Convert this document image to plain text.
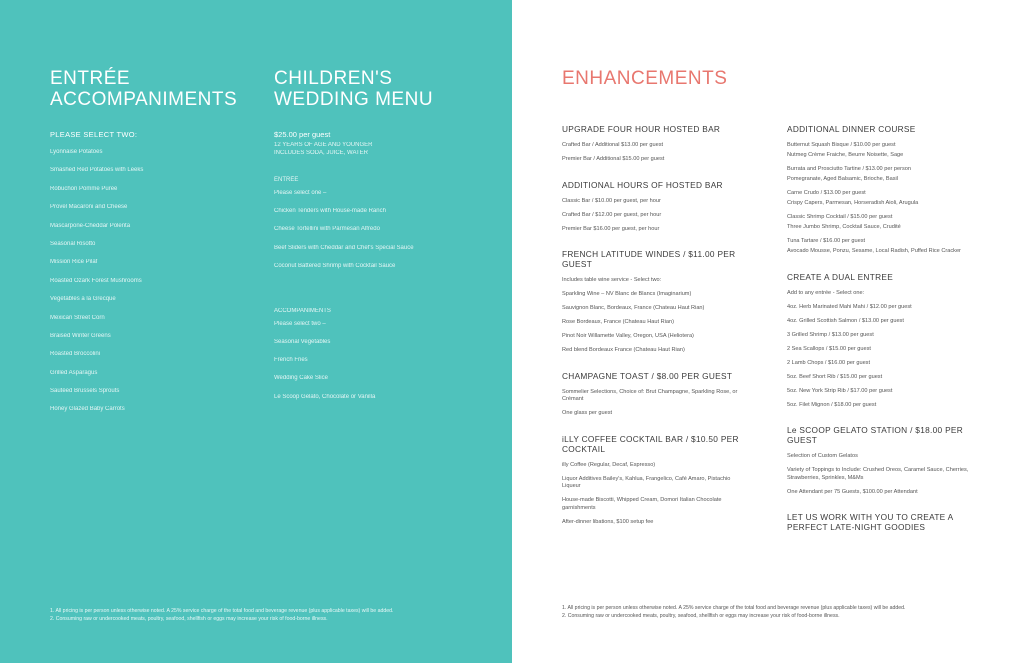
ENTRÉE
ACCOMPANIMENTS

PLEASE SELECT TWO:

Lyonnaise Potatoes

Smashed Red Potatoes with Leeks

Robuchon Pomme Puree

Provel Macaroni and Cheese

Mascarpone-Cheddar Polenta

Seasonal Risotto

Mission Rice Pilaf

Roasted Ozark Forest Mushrooms

Vegetables a la Grecque

Mexican Street Corn

Braised Winter Greens

Roasted Broccolini

Grilled Asparagus

Sautéed Brussels Sprouts

Honey Glazed Baby Carrots

CHILDREN'S
WEDDING MENU

$25.00 per guest

12 YEARS OF AGE AND YOUNGER

INCLUDES SODA, JUICE, WATER

ENTRÉE

Please select one –

Chicken Tenders with House-made Ranch

Cheese Tortellini with Parmesan Alfredo

Beef Sliders with Cheddar and Chef's Special Sauce

Coconut Battered Shrimp with Cocktail Sauce

ACCOMPANIMENTS

Please select two –

Seasonal Vegetables

French Fries

Wedding Cake Slice

Le Scoop Gelato, Chocolate or Vanilla

1. All pricing is per person unless otherwise noted. A 25% service charge of the total food and beverage revenue (plus applicable taxes) will be added.
2. Consuming raw or undercooked meats, poultry, seafood, shellfish or eggs may increase your risk of food-borne illness.
ENHANCEMENTS

UPGRADE FOUR HOUR HOSTED BAR

Crafted Bar / Additional $13.00 per guest

Premier Bar / Additional $15.00 per guest

ADDITIONAL HOURS OF HOSTED BAR

Classic Bar / $10.00 per guest, per hour

Crafted Bar / $12.00 per guest, per hour

Premier Bar $16.00 per guest, per hour

FRENCH LATITUDE WINDES / $11.00 PER GUEST

Includes table wine service - Select two:

Sparkling Wine – NV Blanc de Blancs (Imaginarium)

Sauvignon Blanc, Bordeaux, France (Chateau Haut Rian)

Rose Bordeaux, France (Chateau Haut Rian)

Pinot Noir Willamette Valley, Oregon, USA (Heliotera)

Red blend Bordeaux France (Chateau Haut Rian)

CHAMPAGNE TOAST / $8.00 PER GUEST

Sommelier Selections, Choice of: Brut Champagne, Sparkling Rose, or Crémant

One glass per guest

iLLY COFFEE COCKTAIL BAR / $10.50 PER COCKTAIL

illy Coffee (Regular, Decaf, Espresso)

Liquor Additives Bailey's, Kahlua, Frangelico, Café Amaro, Pistachio Liqueur

House-made Biscotti, Whipped Cream, Domori Italian Chocolate garnishments

After-dinner libations, $100 setup fee

ADDITIONAL DINNER COURSE

Butternut Squash Bisque / $10.00 per guest

Nutmeg Crème Fraiche, Beurre Noisette, Sage

Burrata and Prosciutto Tartine / $13.00 per person

Pomegranate, Aged Balsamic, Brioche, Basil

Carne Crudo / $13.00 per guest

Crispy Capers, Parmesan, Horseradish Aioli, Arugula

Classic Shrimp Cocktail / $15.00 per guest

Three Jumbo Shrimp, Cocktail Sauce, Crudité

Tuna Tartare / $16.00 per guest

Avocado Mousse, Ponzu, Sesame, Local Radish, Puffed Rice Cracker

CREATE A DUAL ENTREE

Add to any entrée - Select one:

4oz. Herb Marinated Mahi Mahi / $12.00 per guest

4oz. Grilled Scottish Salmon / $13.00 per guest

3 Grilled Shrimp / $13.00 per guest

2 Sea Scallops / $15.00 per guest

2 Lamb Chops / $16.00 per guest

5oz. Beef Short Rib / $15.00 per guest

5oz. New York Strip Rib / $17.00 per guest

5oz. Filet Mignon / $18.00 per guest

Le SCOOP GELATO STATION / $18.00 PER GUEST

Selection of Custom Gelatos

Variety of Toppings to Include: Crushed Oreos, Caramel Sauce, Cherries, Strawberries, Sprinkles, M&Ms

One Attendant per 75 Guests, $100.00 per Attendant

LET US WORK WITH YOU TO CREATE A PERFECT LATE-NIGHT GOODIES

1. All pricing is per person unless otherwise noted. A 25% service charge of the total food and beverage revenue (plus applicable taxes) will be added.
2. Consuming raw or undercooked meats, poultry, seafood, shellfish or eggs may increase your risk of food-borne illness.
